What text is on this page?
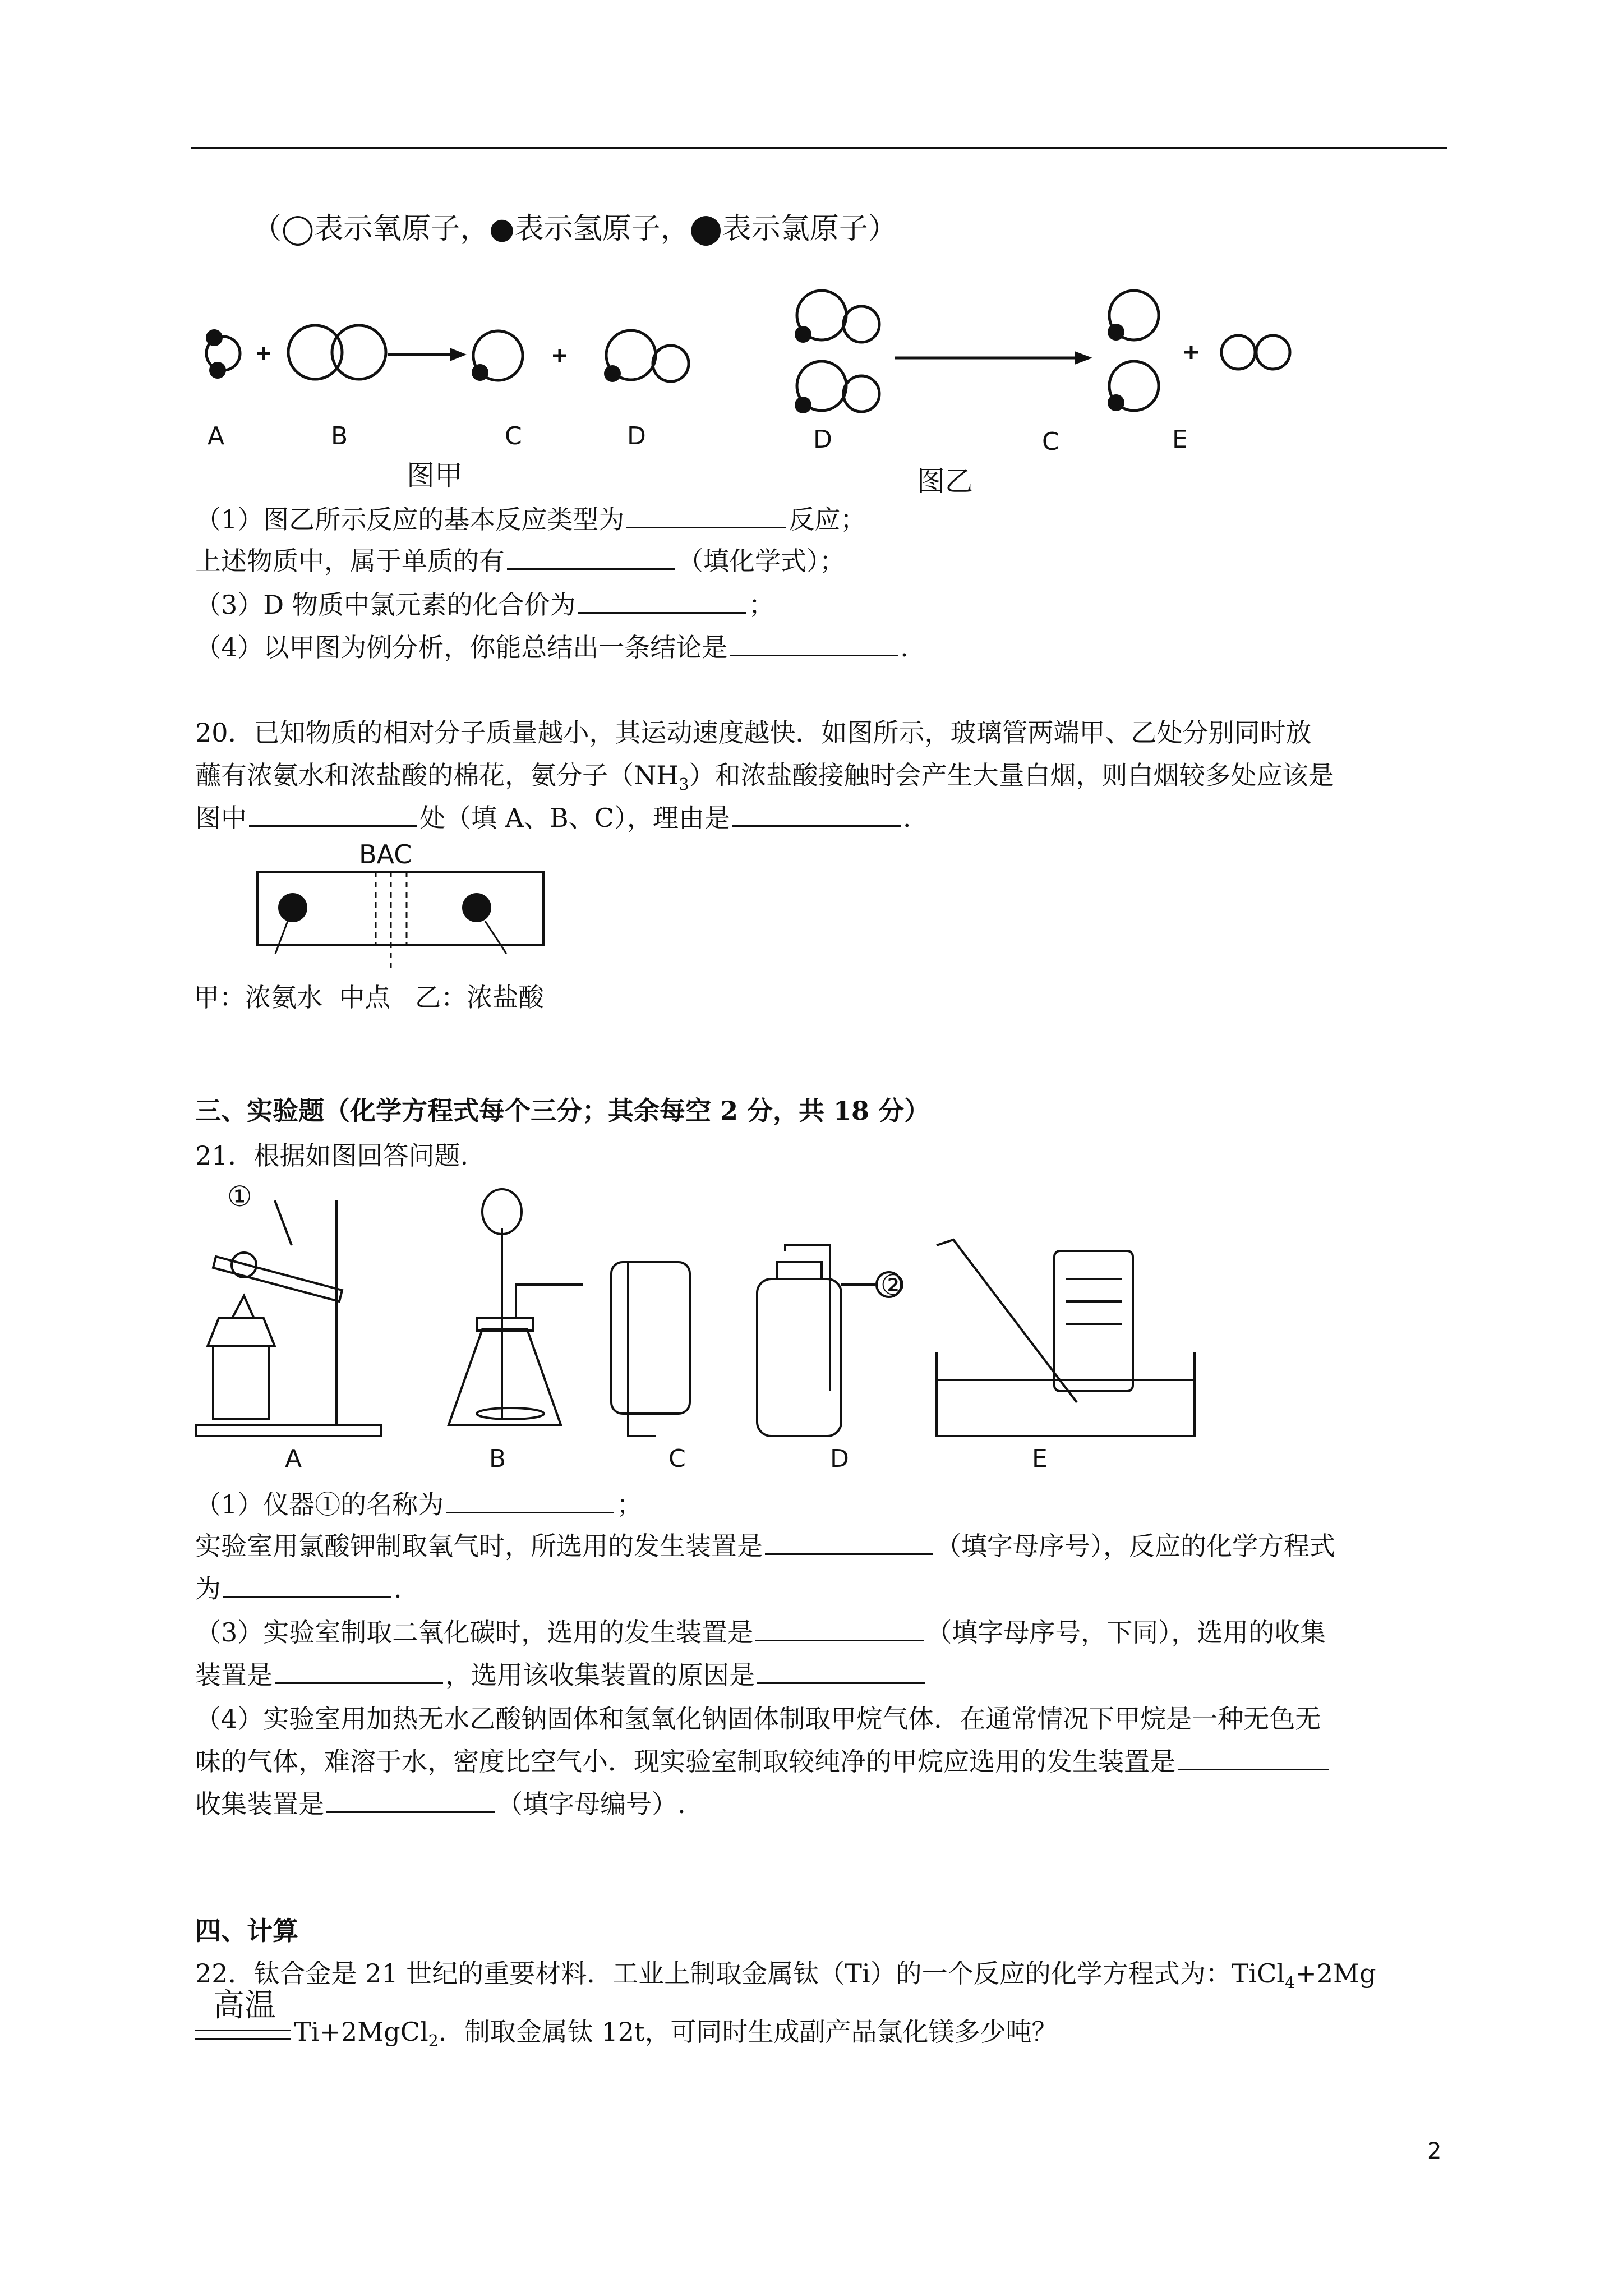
（◯表示氧原子，●表示氢原子，⬤表示氯原子）
A	B	C	D	D	C	E
图甲	图乙
（1）图乙所示反应的基本反应类型为	反应；
上述物质中，属于单质的有	（填化学式）；
（3）D 物质中氯元素的化合价为	；
（4）以甲图为例分析，你能总结出一条结论是	.
20．已知物质的相对分子质量越小，其运动速度越快．如图所示，玻璃管两端甲、乙处分别同时放
蘸有浓氨水和浓盐酸的棉花，氨分子$(NH_3)$和浓盐酸接触时会产生大量白烟，则白烟较多处应该是
图中	处（填 A、B、C），理由是	.
BAC
甲：浓氨水  中点   乙：浓盐酸
三、实验题（化学方程式每个三分；其余每空 2 分，共 18 分）
21．根据如图回答问题.
①
②
A	B	C	D	E
（1）仪器①的名称为	；
实验室用氯酸钾制取氧气时，所选用的发生装置是	（填字母序号），反应的化学方程式
为	.
（3）实验室制取二氧化碳时，选用的发生装置是	（填字母序号，下同），选用的收集
装置是	，选用该收集装置的原因是
（4）实验室用加热无水乙酸钠固体和氢氧化钠固体制取甲烷气体．在通常情况下甲烷是一种无色无
味的气体，难溶于水，密度比空气小．现实验室制取较纯净的甲烷应选用的发生装置是
收集装置是	（填字母编号）.
四、计算
22．钛合金是 21 世纪的重要材料．工业上制取金属钛（Ti）的一个反应的化学方程式为：TiCl$_4$+2Mg
高温
Ti+2MgCl$_2$．制取金属钛 12t，可同时生成副产品氯化镁多少吨？
2
